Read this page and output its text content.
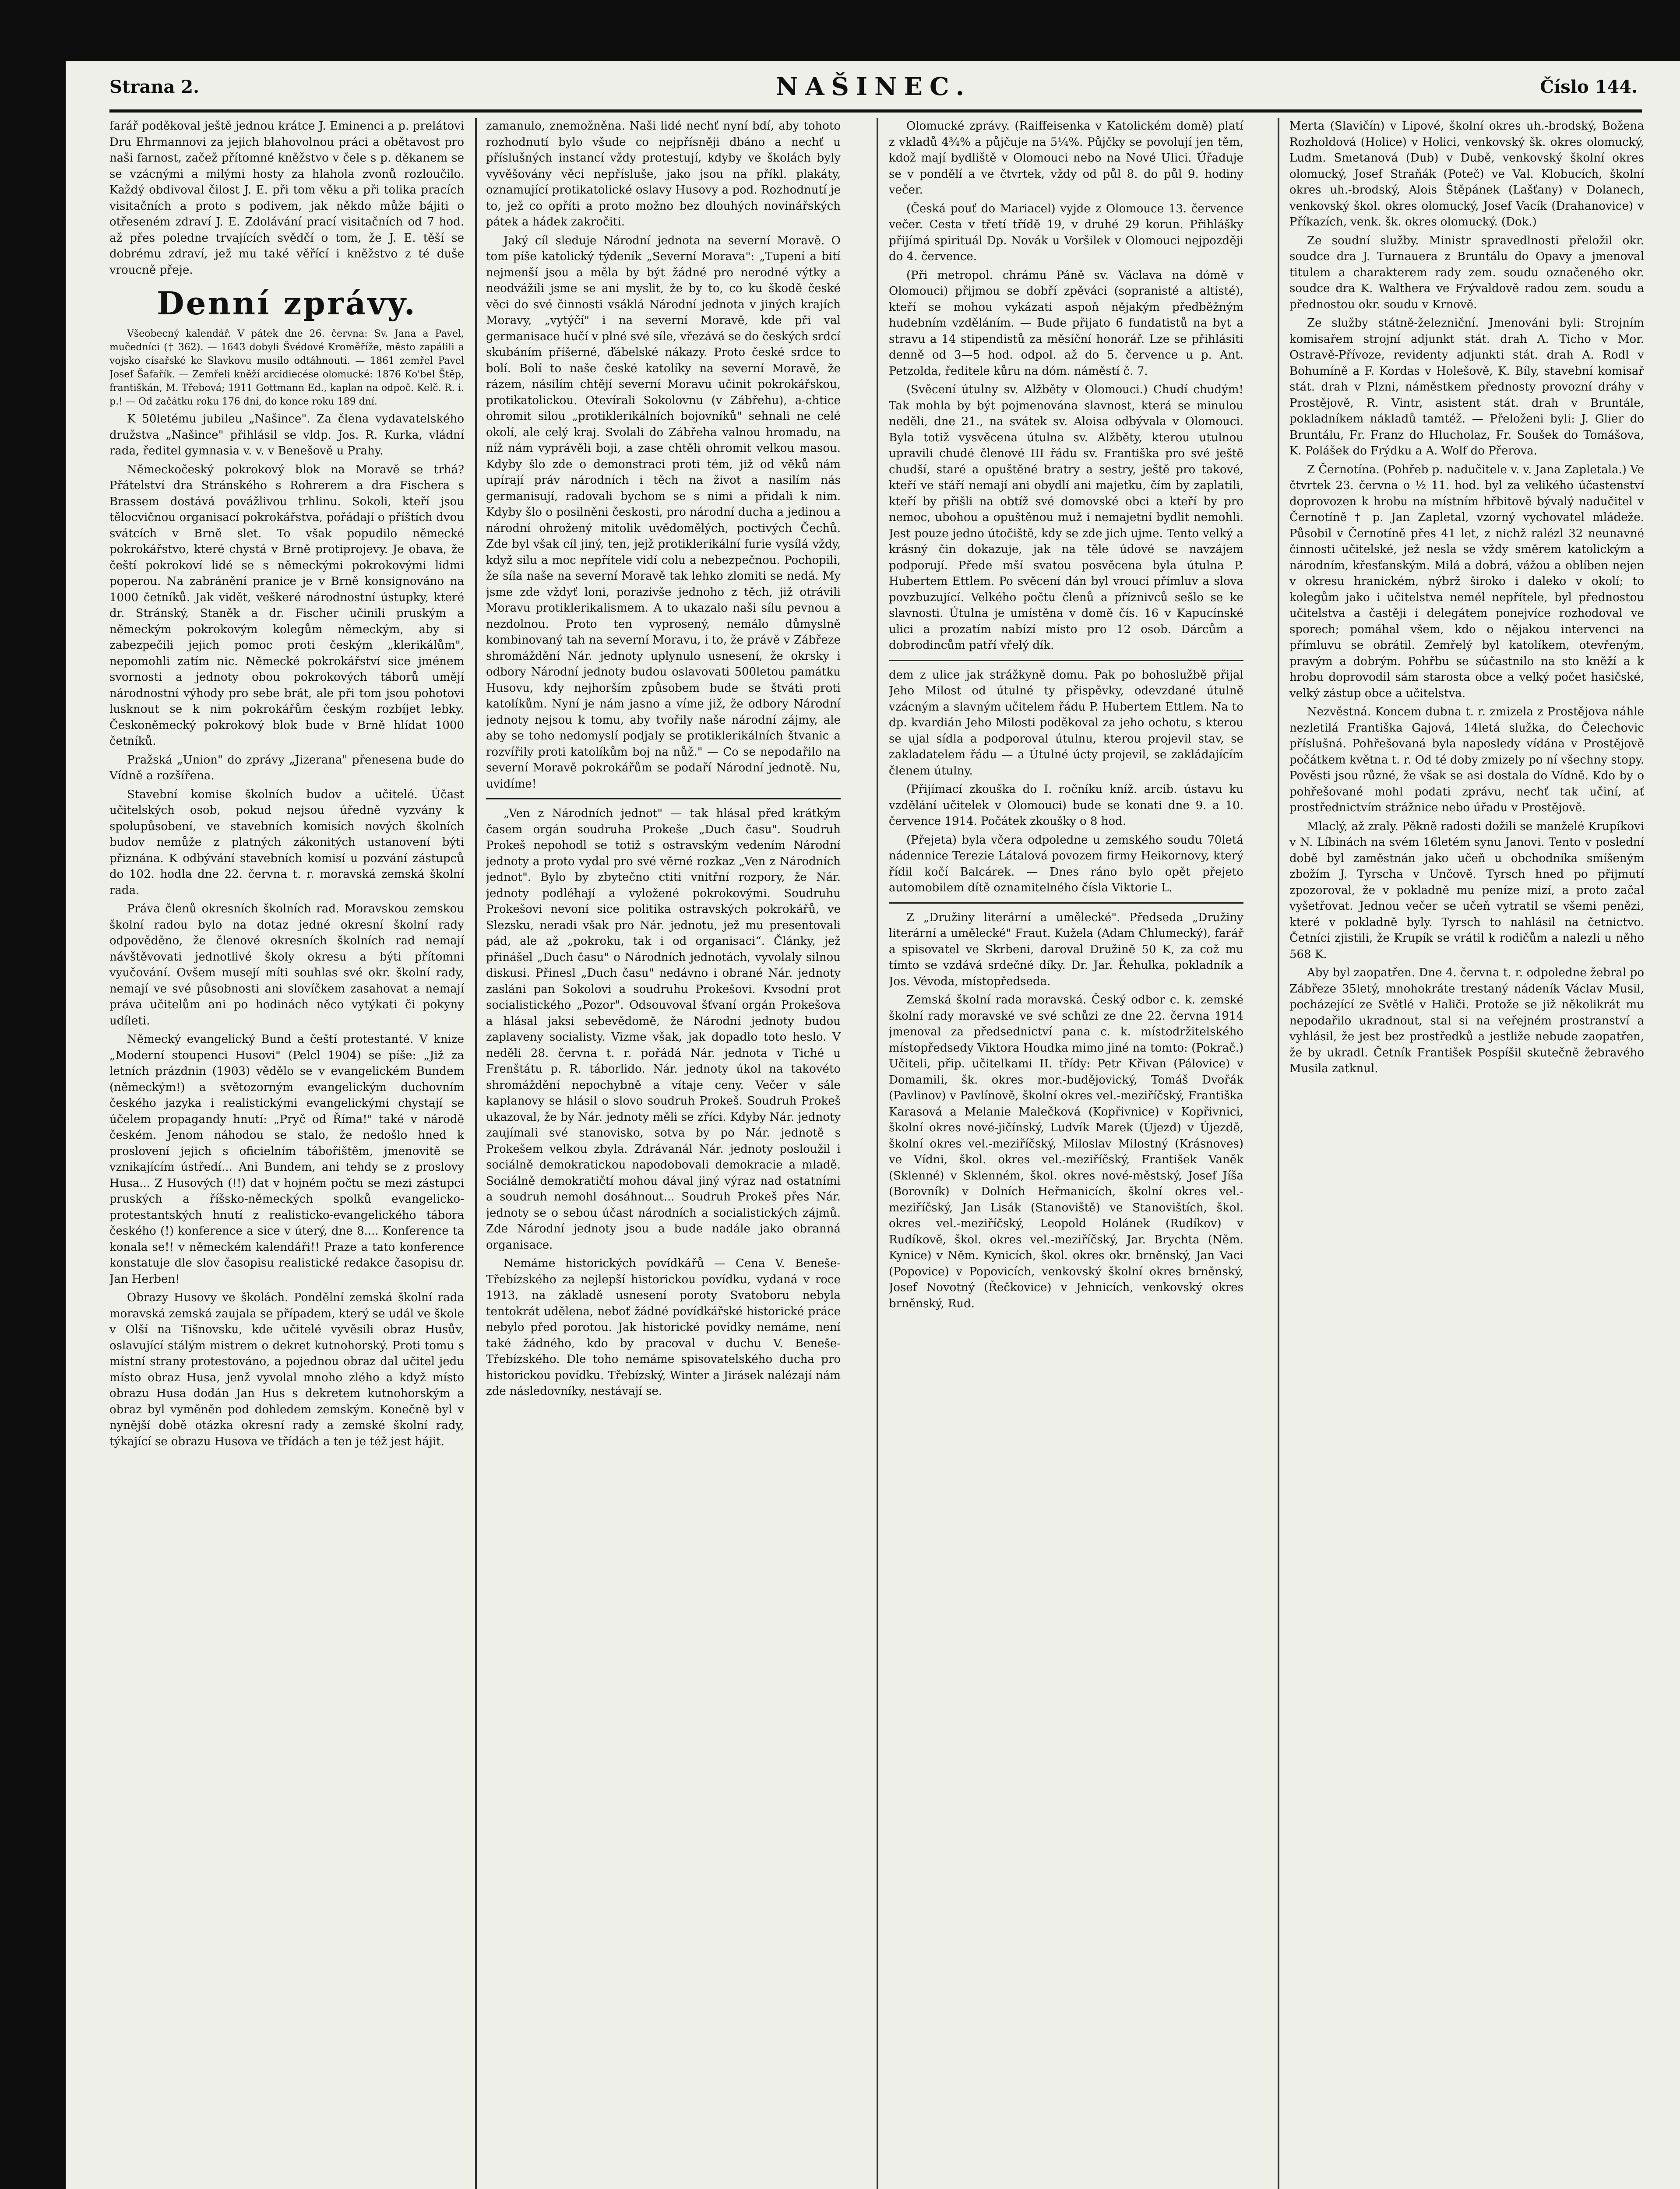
Strana 2.	NAŠINEC.	Číslo 144.

farář poděkoval ještě jednou krátce J. Eminenci a p. prelátovi Dru Ehrmannovi za jejich blahovolnou práci a obětavost pro naši farnost, začež přítomné kněžstvo v čele s p. děkanem se se vzácnými a milými hosty za hlahola zvonů rozloučilo. Každý obdivoval čilost J. E. při tom věku a při tolika pracích visitačních a proto s podivem, jak někdo může bájiti o otřeseném zdraví J. E. Zdolávání prací visitačních od 7 hod. až přes poledne trvajících svědčí o tom, že J. E. těší se dobrému zdraví, jež mu také věřící i kněžstvo z té duše vroucně přeje.

Denní zprávy.

Všeobecný kalendář. V pátek dne 26. června: Sv. Jana a Pavel, mučedníci († 362). — 1643 dobyli Švédové Kroměříže, město zapálili a vojsko císařské ke Slavkovu musilo odtáhnouti. — 1861 zemřel Pavel Josef Šafařík. — Zemřeli kněží arcidiecése olomucké: 1876 Ko'bel Štěp, františkán, M. Třebová; 1911 Gottmann Ed., kaplan na odpoč. Kelč. R. i. p.! — Od začátku roku 176 dní, do konce roku 189 dní.

K 50letému jubileu „Našince". Za člena vydavatelského družstva „Našince" přihlásil se vldp. Jos. R. Kurka, vládní rada, ředitel gymnasia v. v. v Benešově u Prahy.

Německočeský pokrokový blok na Moravě se trhá? Přátelství dra Stránského s Rohrerem a dra Fischera s Brassem dostává povážlivou trhlinu. Sokoli, kteří jsou tělocvičnou organisací pokrokářstva, pořádají o příštích dvou svátcích v Brně slet. To však popudilo německé pokrokářstvo, které chystá v Brně protiprojevy. Je obava, že čeští pokrokoví lidé se s německými pokrokovými lidmi poperou. Na zabránění pranice je v Brně konsignováno na 1000 četníků. Jak vidět, veškeré národnostní ústupky, které dr. Stránský, Staněk a dr. Fischer učinili pruským a německým pokrokovým kolegům německým, aby si zabezpečili jejich pomoc proti českým „klerikálům", nepomohli zatím nic. Německé pokrokářství sice jménem svornosti a jednoty obou pokrokových táborů umějí národnostní výhody pro sebe brát, ale při tom jsou pohotovi lusknout se k nim pokrokářům českým rozbíjet lebky. Českoněmecký pokrokový blok bude v Brně hlídat 1000 četníků.

Pražská „Union" do zprávy „Jizerana" přenesena bude do Vídně a rozšířena.

Stavební komise školních budov a učitelé. Účast učitelských osob, pokud nejsou úředně vyzvány k spolupůsobení, ve stavebních komisích nových školních budov nemůže z platných zákonitých ustanovení býti přiznána. K odbývání stavebních komisí u pozvání zástupců do 102. hodla dne 22. června t. r. moravská zemská školní rada.

Práva členů okresních školních rad. Moravskou zemskou školní radou bylo na dotaz jedné okresní školní rady odpověděno, že členové okresních školních rad nemají návštěvovati jednotlivé školy okresu a býti přítomni vyučování. Ovšem musejí míti souhlas své okr. školní rady, nemají ve své působnosti ani slovíčkem zasahovat a nemají práva učitelům ani po hodinách něco vytýkati či pokyny udíleti.

Německý evangelický Bund a čeští protestanté. V knize „Moderní stoupenci Husovi" (Pelcl 1904) se píše: „Již za letních prázdnin (1903) vědělo se v evangelickém Bundem (německým!) a světozorným evangelickým duchovním českého jazyka i realistickými evangelickými chystají se účelem propagandy hnutí: „Pryč od Říma!" také v národě českém. Jenom náhodou se stalo, že nedošlo hned k proslovení jejich s oficielním tábořištěm, jmenovitě se vznikajícím ústředí... Ani Bundem, ani tehdy se z proslovy Husa... Z Husových (!!) dat v hojném počtu se mezi zástupci pruských a říšsko-německých spolků evangelicko-protestantských hnutí z realisticko-evangelického tábora českého (!) konference a sice v úterý, dne 8.... Konference ta konala se!! v německém kalendáři!! Praze a tato konference konstatuje dle slov časopisu realistické redakce časopisu dr. Jan Herben!

Obrazy Husovy ve školách. Pondělní zemská školní rada moravská zemská zaujala se případem, který se udál ve škole v Olší na Tišnovsku, kde učitelé vyvěsili obraz Husův, oslavující stálým mistrem o dekret kutnohorský. Proti tomu s místní strany protestováno, a pojednou obraz dal učitel jedu místo obraz Husa, jenž vyvolal mnoho zlého a když místo obrazu Husa dodán Jan Hus s dekretem kutnohorským a obraz byl vyměněn pod dohledem zemským. Konečně byl v nynější době otázka okresní rady a zemské školní rady, týkající se obrazu Husova ve třídách a ten je též jest hájit.

zamanulo, znemožněna. Naši lidé nechť nyní bdí, aby tohoto rozhodnutí bylo všude co nejpřísněji dbáno a nechť u příslušných instancí vždy protestují, kdyby ve školách byly vyvěšovány věci nepřísluše, jako jsou na příkl. plakáty, oznamující protikatolické oslavy Husovy a pod. Rozhodnutí je to, jež co opříti a proto možno bez dlouhých novinářských pátek a hádek zakročiti.

Jaký cíl sleduje Národní jednota na severní Moravě. O tom píše katolický týdeník „Severní Morava": „Tupení a bití nejmenší jsou a měla by být žádné pro nerodné výtky a neodvážili jsme se ani myslit, že by to, co ku škodě české věci do své činnosti vsáklá Národní jednota v jiných krajích Moravy, „vytýčí" i na severní Moravě, kde při val germanisace hučí v plné své síle, vřezává se do českých srdcí skubáním příšerné, ďábelské nákazy. Proto české srdce to bolí. Bolí to naše české katolíky na severní Moravě, že rázem, násilím chtějí severní Moravu učinit pokrokářskou, protikatolickou. Otevírali Sokolovnu (v Zábřehu), a-chtice ohromit silou „protiklerikálních bojovníků" sehnali ne celé okolí, ale celý kraj. Svolali do Zábřeha valnou hromadu, na níž nám vyprávěli boji, a zase chtěli ohromit velkou masou. Kdyby šlo zde o demonstraci proti tém, již od věků nám upírají práv národních i těch na život a nasilím nás germanisují, radovali bychom se s nimi a přidali k nim. Kdyby šlo o posilněni českosti, pro národní ducha a jedinou a národní ohrožený mitolik uvědomělých, poctivých Čechů. Zde byl však cíl jiný, ten, jejž protiklerikální furie vysílá vždy, když silu a moc nepřítele vidí colu a nebezpečnou. Pochopili, že síla naše na severní Moravě tak lehko zlomiti se nedá. My jsme zde vždyť loni, porazivše jednoho z těch, již otrávili Moravu protiklerikalismem. A to ukazalo naši sílu pevnou a nezdolnou. Proto ten vyprosený, nemálo důmyslně kombinovaný tah na severní Moravu, i to, že právě v Zábřeze shromáždění Nár. jednoty uplynulo usnesení, že okrsky i odbory Národní jednoty budou oslavovati 500letou památku Husovu, kdy nejhorším způsobem bude se štváti proti katolíkům. Nyní je nám jasno a víme již, že odbory Národní jednoty nejsou k tomu, aby tvořily naše národní zájmy, ale aby se toho nedomyslí podjaly se protiklerikálních štvanic a rozvířily proti katolíkům boj na nůž." — Co se nepodařilo na severní Moravě pokrokářům se podaří Národní jednotě. Nu, uvidíme!

„Ven z Národních jednot" — tak hlásal před krátkým časem orgán soudruha Prokeše „Duch času". Soudruh Prokeš nepohodl se totiž s ostravským vedením Národní jednoty a proto vydal pro své věrné rozkaz „Ven z Národních jednot". Bylo by zbytečno ctiti vnitřní rozpory, že Nár. jednoty podléhají a vyložené pokrokovými. Soudruhu Prokešovi nevoní sice politika ostravských pokrokářů, ve Slezsku, neradi však pro Nár. jednotu, jež mu presentovali pád, ale až „pokroku, tak i od organisaci“. Články, jež přinášel „Duch času" o Národních jednotách, vyvolaly silnou diskusi. Přinesl „Duch času" nedávno i obrané Nár. jednoty zasláni pan Sokolovi a soudruhu Prokešovi. Kvsodní prot socialistického „Pozor". Odsouvoval šťvaní orgán Prokešova a hlásal jaksi sebevědomě, že Národní jednoty budou zaplaveny socialisty. Vizme však, jak dopadlo toto heslo. V neděli 28. června t. r. pořádá Nár. jednota v Tiché u Frenštátu p. R. táborlido. Nár. jednoty úkol na takovéto shromáždění nepochybně a vítaje ceny. Večer v sále kaplanovy se hlásil o slovo soudruh Prokeš. Soudruh Prokeš ukazoval, že by Nár. jednoty měli se zříci. Kdyby Nár. jednoty zaujímali své stanovisko, sotva by po Nár. jednotě s Prokešem velkou zbyla. Zdrávanál Nár. jednoty posloužil i sociálně demokratickou napodobovali demokracie a mladě. Sociálně demokratičtí mohou dával jiný výraz nad ostatními a soudruh nemohl dosáhnout... Soudruh Prokeš přes Nár. jednoty se o sebou účast národních a socialistických zájmů. Zde Národní jednoty jsou a bude nadále jako obranná organisace.

Nemáme historických povídkářů — Cena V. Beneše-Třebízského za nejlepší historickou povídku, vydaná v roce 1913, na základě usnesení poroty Svatoboru nebyla tentokrát udělena, neboť žádné povídkářské historické práce nebylo před porotou. Jak historické povídky nemáme, není také žádného, kdo by pracoval v duchu V. Beneše-Třebízského. Dle toho nemáme spisovatelského ducha pro historickou povídku. Třebízský, Winter a Jirásek nalézají nám zde následovníky, nestávají se.

Olomucké zprávy. (Raiffeisenka v Katolickém domě) platí z vkladů 4¾% a půjčuje na 5¼%. Půjčky se povolují jen těm, kdož mají bydliště v Olomouci nebo na Nové Ulici. Úřaduje se v pondělí a ve čtvrtek, vždy od půl 8. do půl 9. hodiny večer.

(Česká pouť do Mariacel) vyjde z Olomouce 13. července večer. Cesta v třetí třídě 19, v druhé 29 korun. Přihlášky přijímá spirituál Dp. Novák u Voršilek v Olomouci nejpozději do 4. července.

(Při metropol. chrámu Páně sv. Václava na dómě v Olomouci) přijmou se dobří zpěváci (sopranisté a altisté), kteří se mohou vykázati aspoň nějakým předběžným hudebním vzděláním. — Bude přijato 6 fundatistů na byt a stravu a 14 stipendistů za měsíční honorář. Lze se přihlásiti denně od 3—5 hod. odpol. až do 5. července u p. Ant. Petzolda, ředitele kůru na dóm. náměstí č. 7.

(Svěcení útulny sv. Alžběty v Olomouci.) Chudí chudým! Tak mohla by být pojmenována slavnost, která se minulou neděli, dne 21., na svátek sv. Aloisa odbývala v Olomouci. Byla totiž vysvěcena útulna sv. Alžběty, kterou utulnou upravili chudé členové III řádu sv. Františka pro své ještě chudší, staré a opuštěné bratry a sestry, ještě pro takové, kteří ve stáří nemají ani obydlí ani majetku, čím by zaplatili, kteří by přišli na obtíž své domovské obci a kteří by pro nemoc, ubohou a opuštěnou muž i nemajetní bydlit nemohli. Jest pouze jedno útočiště, kdy se zde jich ujme. Tento velký a krásný čin dokazuje, jak na těle údové se navzájem podporují. Přede mší svatou posvěcena byla útulna P. Hubertem Ettlem. Po svěcení dán byl vroucí přímluv a slova povzbuzující. Velkého počtu členů a příznivců sešlo se ke slavnosti. Útulna je umístěna v domě čís. 16 v Kapucínské ulici a prozatím nabízí místo pro 12 osob. Dárcům a dobrodincům patří vřelý dík.

dem z ulice jak strážkyně domu. Pak po bohoslužbě přijal Jeho Milost od útulné ty přispěvky, odevzdané útulně vzácným a slavným učitelem řádu P. Hubertem Ettlem. Na to dp. kvardián Jeho Milosti poděkoval za jeho ochotu, s kterou se ujal sídla a podporoval útulnu, kterou projevil stav, se zakladatelem řádu — a Útulné úcty projevil, se zakládajícím členem útulny.

(Přijímací zkouška do I. ročníku kníž. arcib. ústavu ku vzdělání učitelek v Olomouci) bude se konati dne 9. a 10. července 1914. Počátek zkoušky o 8 hod.

(Přejeta) byla včera odpoledne u zemského soudu 70letá nádennice Terezie Látalová povozem firmy Heikornovy, který řídil kočí Balcárek. — Dnes ráno bylo opět přejeto automobilem dítě oznamitelného čísla Viktorie L.

Z „Družiny literární a umělecké". Předseda „Družiny literární a umělecké" Fraut. Kužela (Adam Chlumecký), farář a spisovatel ve Skrbeni, daroval Družině 50 K, za což mu tímto se vzdává srdečné díky. Dr. Jar. Řehulka, pokladník a Jos. Vévoda, místopředseda.

Zemská školní rada moravská. Český odbor c. k. zemské školní rady moravské ve své schůzi ze dne 22. června 1914 jmenoval za předsednictví pana c. k. místodržitelského místopředsedy Viktora Houdka mimo jiné na tomto: (Pokrač.) Učiteli, přip. učitelkami II. třídy: Petr Křivan (Pálovice) v Domamili, šk. okres mor.-budějovický, Tomáš Dvořák (Pavlinov) v Pavlínově, školní okres vel.-meziříčský, Františka Karasová a Melanie Malečková (Kopřivnice) v Kopřivnici, školní okres nové-jičínský, Ludvík Marek (Újezd) v Újezdě, školní okres vel.-meziříčský, Miloslav Milostný (Krásnoves) ve Vídni, škol. okres vel.-meziříčský, František Vaněk (Sklenné) v Sklenném, škol. okres nové-městský, Josef Jíša (Borovník) v Dolních Heřmanicích, školní okres vel.-meziříčský, Jan Lisák (Stanoviště) ve Stanovištích, škol. okres vel.-meziříčský, Leopold Holánek (Rudíkov) v Rudíkově, škol. okres vel.-meziříčský, Jar. Brychta (Něm. Kynice) v Něm. Kynicích, škol. okres okr. brněnský, Jan Vaci (Popovice) v Popovicích, venkovský školní okres brněnský, Josef Novotný (Řečkovice) v Jehnicích, venkovský okres brněnský, Rud.

Merta (Slavičín) v Lipové, školní okres uh.-brodský, Božena Rozholdová (Holice) v Holici, venkovský šk. okres olomucký, Ludm. Smetanová (Dub) v Dubě, venkovský školní okres olomucký, Josef Straňák (Poteč) ve Val. Klobucích, školní okres uh.-brodský, Alois Štěpánek (Lašťany) v Dolanech, venkovský škol. okres olomucký, Josef Vacík (Drahanovice) v Příkazích, venk. šk. okres olomucký. (Dok.)

Ze soudní služby. Ministr spravedlnosti přeložil okr. soudce dra J. Turnauera z Bruntálu do Opavy a jmenoval titulem a charakterem rady zem. soudu označeného okr. soudce dra K. Walthera ve Frývaldově radou zem. soudu a přednostou okr. soudu v Krnově.

Ze služby státně-železniční. Jmenováni byli: Strojním komisařem strojní adjunkt stát. drah A. Ticho v Mor. Ostravě-Přívoze, revidenty adjunkti stát. drah A. Rodl v Bohumíně a F. Kordas v Holešově, K. Bíly, stavební komisař stát. drah v Plzni, náměstkem přednosty provozní dráhy v Prostějově, R. Vintr, asistent stát. drah v Bruntále, pokladníkem nákladů tamtéž. — Přeloženi byli: J. Glier do Bruntálu, Fr. Franz do Hlucholaz, Fr. Soušek do Tomášova, K. Polášek do Frýdku a A. Wolf do Přerova.

Z Černotína. (Pohřeb p. nadučitele v. v. Jana Zapletala.) Ve čtvrtek 23. června o ½ 11. hod. byl za velikého účastenství doprovozen k hrobu na místním hřbitově bývalý nadučitel v Černotíně † p. Jan Zapletal, vzorný vychovatel mládeže. Působil v Černotíně přes 41 let, z nichž ralézl 32 neunavné činnosti učitelské, jež nesla se vždy směrem katolickým a národním, křesťanským. Milá a dobrá, vážou a oblíben nejen v okresu hranickém, nýbrž široko i daleko v okolí; to kolegům jako i učitelstva nemél nepřítele, byl přednostou učitelstva a častěji i delegátem ponejvíce rozhodoval ve sporech; pomáhal všem, kdo o nějakou intervenci na přímluvu se obrátil. Zemřelý byl katolíkem, otevřeným, pravým a dobrým. Pohřbu se súčastnilo na sto kněží a k hrobu doprovodil sám starosta obce a velký počet hasičské, velký zástup obce a učitelstva.

Nezvěstná. Koncem dubna t. r. zmizela z Prostějova náhle nezletilá Františka Gajová, 14letá služka, do Čelechovic příslušná. Pohřešovaná byla naposledy vídána v Prostějově počátkem května t. r. Od té doby zmizely po ní všechny stopy. Pověsti jsou různé, že však se asi dostala do Vídně. Kdo by o pohřešované mohl podati zprávu, nechť tak učiní, ať prostřednictvím strážnice nebo úřadu v Prostějově.

Mlaclý, až zraly. Pěkně radosti dožili se manželé Krupíkovi v N. Líbinách na svém 16letém synu Janovi. Tento v poslední době byl zaměstnán jako učeň u obchodníka smíšeným zbožím J. Tyrscha v Unčově. Tyrsch hned po přijmutí zpozoroval, že v pokladně mu peníze mizí, a proto začal vyšetřovat. Jednou večer se učeň vytratil se všemi penězi, které v pokladně byly. Tyrsch to nahlásil na četnictvo. Četníci zjistili, že Krupík se vrátil k rodičům a nalezli u něho 568 K.

Aby byl zaopatřen. Dne 4. června t. r. odpoledne žebral po Zábřeze 35letý, mnohokráte trestaný nádeník Václav Musil, pocházející ze Světlé v Haliči. Protože se již několikrát mu nepodařilo ukradnout, stal si na veřejném prostranství a vyhlásil, že jest bez prostředků a jestliže nebude zaopatřen, že by ukradl. Četník František Pospíšil skutečně žebravého Musila zatknul.
